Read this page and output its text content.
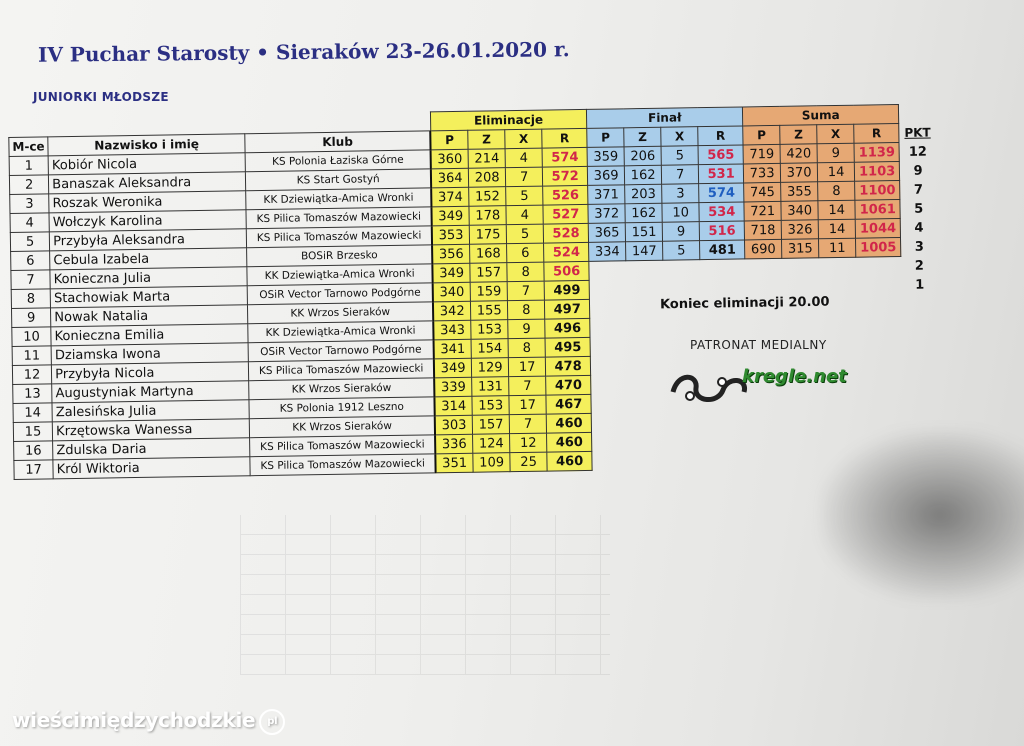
IV Puchar Starosty • Sieraków 23-26.01.2020 r.
JUNIORKI MŁODSZE
			Eliminacje				Finał				Suma				
M-ce	Nazwisko i imię	Klub	P	Z	X	R	P	Z	X	R	P	Z	X	R	PKT
1	Kobiór Nicola	KS Polonia Łaziska Górne	360	214	4	574	359	206	5	565	719	420	9	1139	12
2	Banaszak Aleksandra	KS Start Gostyń	364	208	7	572	369	162	7	531	733	370	14	1103	9
3	Roszak Weronika	KK Dziewiątka-Amica Wronki	374	152	5	526	371	203	3	574	745	355	8	1100	7
4	Wołczyk Karolina	KS Pilica Tomaszów Mazowiecki	349	178	4	527	372	162	10	534	721	340	14	1061	5
5	Przybyła Aleksandra	KS Pilica Tomaszów Mazowiecki	353	175	5	528	365	151	9	516	718	326	14	1044	4
6	Cebula Izabela	BOSiR Brzesko	356	168	6	524	334	147	5	481	690	315	11	1005	3
7	Konieczna Julia	KK Dziewiątka-Amica Wronki	349	157	8	506									2
8	Stachowiak Marta	OSiR Vector Tarnowo Podgórne	340	159	7	499									1
9	Nowak Natalia	KK Wrzos Sieraków	342	155	8	497									
10	Konieczna Emilia	KK Dziewiątka-Amica Wronki	343	153	9	496									
11	Dziamska Iwona	OSiR Vector Tarnowo Podgórne	341	154	8	495									
12	Przybyła Nicola	KS Pilica Tomaszów Mazowiecki	349	129	17	478									
13	Augustyniak Martyna	KK Wrzos Sieraków	339	131	7	470									
14	Zalesińska Julia	KS Polonia 1912 Leszno	314	153	17	467									
15	Krzętowska Wanessa	KK Wrzos Sieraków	303	157	7	460									
16	Zdulska Daria	KS Pilica Tomaszów Mazowiecki	336	124	12	460									
17	Król Wiktoria	KS Pilica Tomaszów Mazowiecki	351	109	25	460									
Koniec eliminacji 20.00
PATRONAT MEDIALNY
kregle.net
wieścimiędzychodzkie pl
